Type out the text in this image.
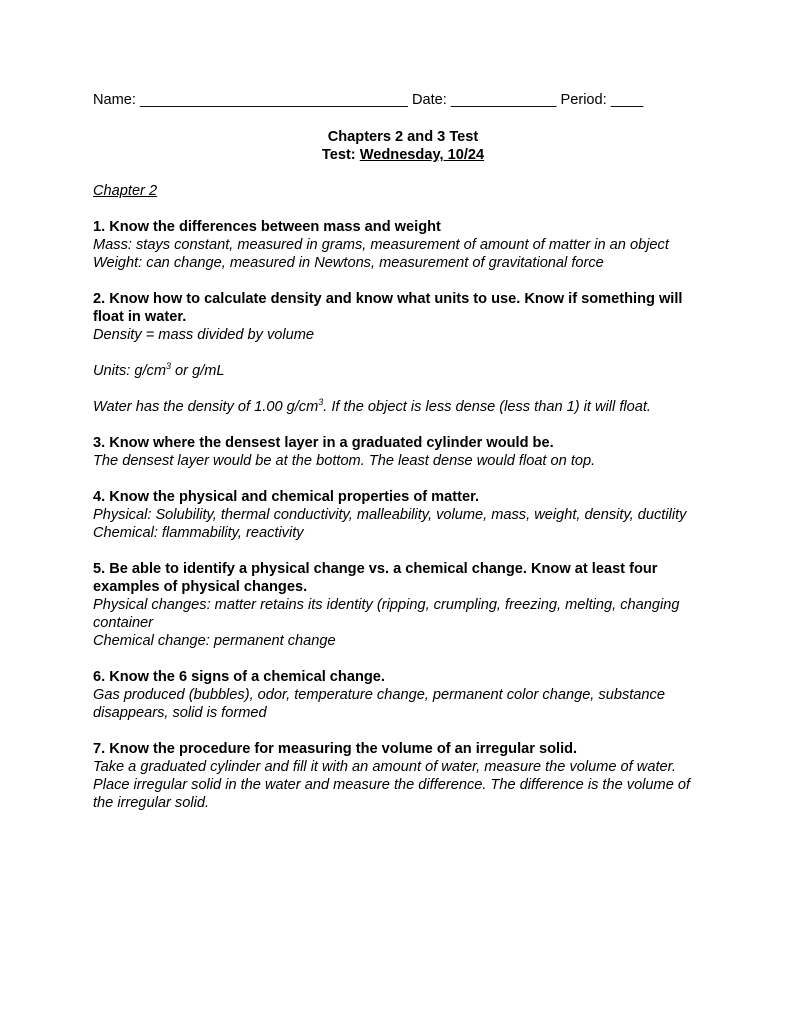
Name: _________________________________ Date: _____________ Period: ____
Chapters 2 and 3 Test
Test: Wednesday, 10/24
Chapter 2
1. Know the differences between mass and weight
Mass: stays constant, measured in grams, measurement of amount of matter in an object
Weight: can change, measured in Newtons, measurement of gravitational force
2. Know how to calculate density and know what units to use. Know if something will float in water.
Density = mass divided by volume
Units: $g/cm^3$ or g/mL
Water has the density of 1.00 $g/cm^3$. If the object is less dense (less than 1) it will float.
3. Know where the densest layer in a graduated cylinder would be.
The densest layer would be at the bottom. The least dense would float on top.
4. Know the physical and chemical properties of matter.
Physical: Solubility, thermal conductivity, malleability, volume, mass, weight, density, ductility
Chemical: flammability, reactivity
5. Be able to identify a physical change vs. a chemical change. Know at least four examples of physical changes.
Physical changes: matter retains its identity (ripping, crumpling, freezing, melting, changing container
Chemical change: permanent change
6. Know the 6 signs of a chemical change.
Gas produced (bubbles), odor, temperature change, permanent color change, substance disappears, solid is formed
7. Know the procedure for measuring the volume of an irregular solid.
Take a graduated cylinder and fill it with an amount of water, measure the volume of water.
Place irregular solid in the water and measure the difference. The difference is the volume of the irregular solid.
